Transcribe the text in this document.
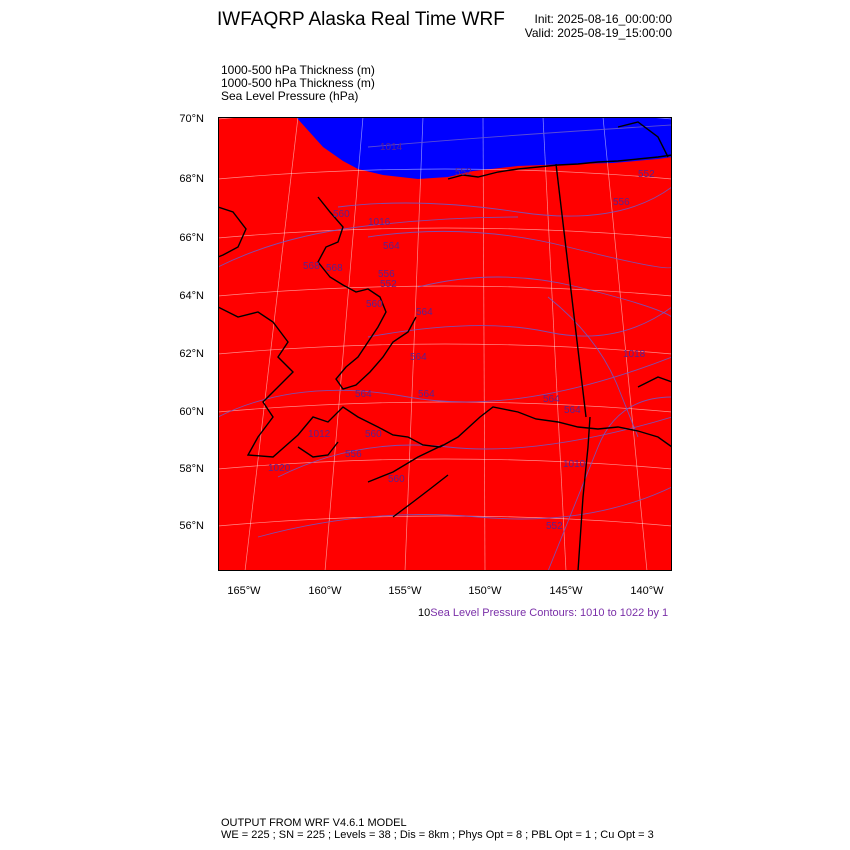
IWFAQRP Alaska Real Time WRF Init: 2025-08-16_00:00:00
Valid: 2025-08-19_15:00:00
1000-500 hPa Thickness (m)
1000-500 hPa Thickness (m)
Sea Level Pressure (hPa)
70°N
68°N
66°N
64°N
62°N
60°N
58°N
56°N
165°W	160°W	155°W	150°W	145°W	140°W
552
560
564
568
556
552
560
564
564
564	564	564
564
560
556
552
560
568
552
556
1014
1016
1018
1020	1010
1012
10Sea Level Pressure Contours: 1010 to 1022 by 1
OUTPUT FROM WRF V4.6.1 MODEL
WE = 225 ; SN = 225 ; Levels = 38 ; Dis = 8km ; Phys Opt = 8 ; PBL Opt = 1 ; Cu Opt = 3
